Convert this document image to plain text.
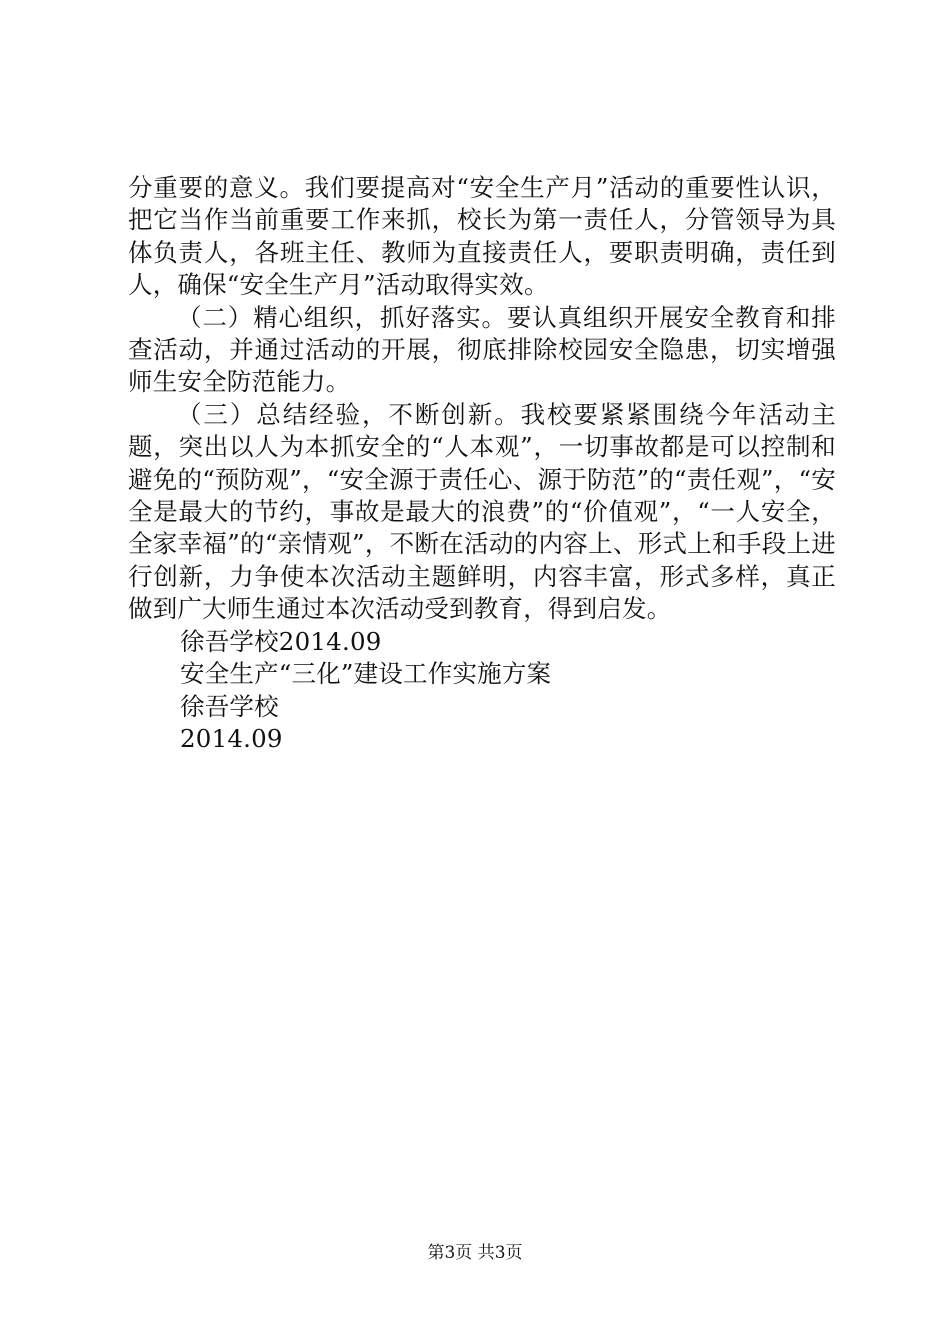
分重要的意义。我们要提高对“安全生产月”活动的重要性认识，把它当作当前重要工作来抓，校长为第一责任人，分管领导为具体负责人，各班主任、教师为直接责任人，要职责明确，责任到人，确保“安全生产月”活动取得实效。

（二）精心组织，抓好落实。要认真组织开展安全教育和排查活动，并通过活动的开展，彻底排除校园安全隐患，切实增强师生安全防范能力。

（三）总结经验，不断创新。我校要紧紧围绕今年活动主题，突出以人为本抓安全的“人本观”，一切事故都是可以控制和避免的“预防观”，“安全源于责任心、源于防范”的“责任观”，“安全是最大的节约，事故是最大的浪费”的“价值观”，“一人安全，全家幸福”的“亲情观”，不断在活动的内容上、形式上和手段上进行创新，力争使本次活动主题鲜明，内容丰富，形式多样，真正做到广大师生通过本次活动受到教育，得到启发。

徐吾学校2014.09

安全生产“三化”建设工作实施方案

徐吾学校

2014.09

第3页 共3页
